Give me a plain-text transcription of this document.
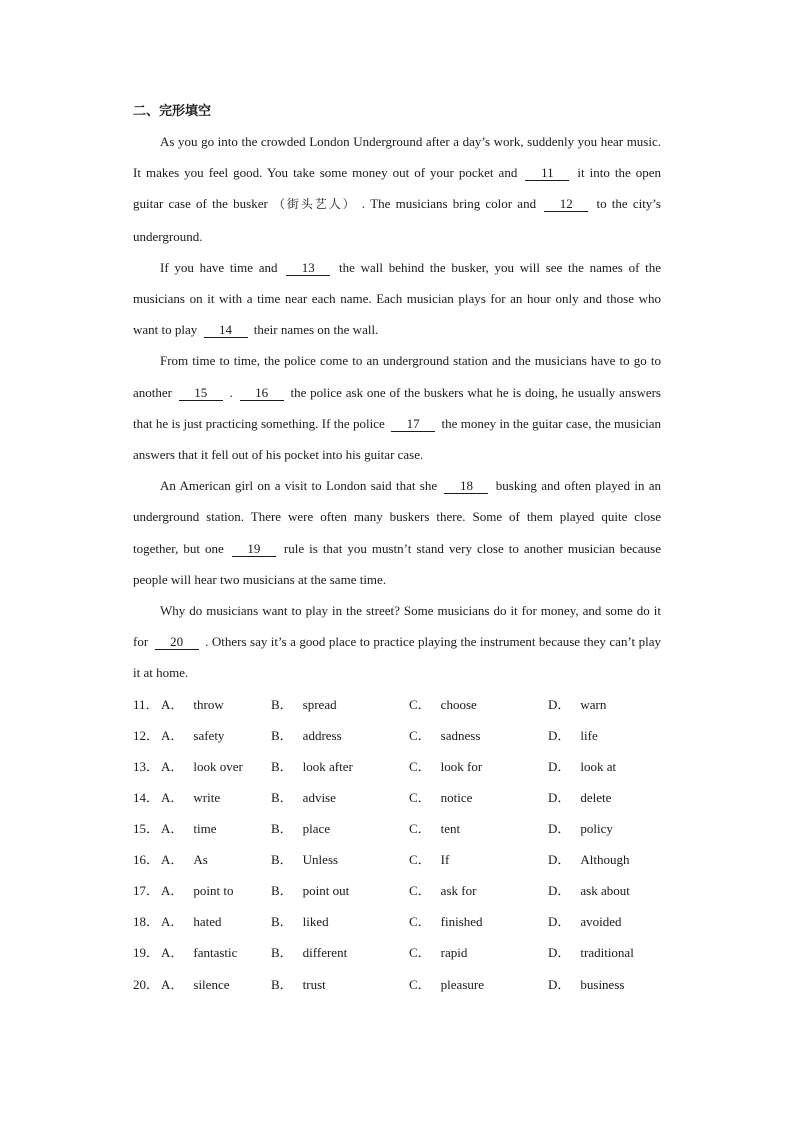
二、完形填空

As you go into the crowded London Underground after a day’s work, suddenly you hear music. It makes you feel good. You take some money out of your pocket and 11 it into the open guitar case of the busker （街头艺人） . The musicians bring color and 12 to the city’s underground.

If you have time and 13 the wall behind the busker, you will see the names of the musicians on it with a time near each name. Each musician plays for an hour only and those who want to play 14 their names on the wall.

From time to time, the police come to an underground station and the musicians have to go to another 15 . 16 the police ask one of the buskers what he is doing, he usually answers that he is just practicing something. If the police 17 the money in the guitar case, the musician answers that it fell out of his pocket into his guitar case.

An American girl on a visit to London said that she 18 busking and often played in an underground station. There were often many buskers there. Some of them played quite close together, but one 19 rule is that you mustn’t stand very close to another musician because people will hear two musicians at the same time.

Why do musicians want to play in the street? Some musicians do it for money, and some do it for 20 . Others say it’s a good place to practice playing the instrument because they can’t play it at home.

11． A． throw	B． spread	C． choose	D． warn
12． A． safety	B． address	C． sadness	D． life
13． A． look over B． look after	C． look for	D． look at
14． A． write	B． advise	C． notice	D． delete
15． A． time	B． place	C． tent	D． policy
16． A． As	B． Unless	C． If	D． Although
17． A． point to	B． point out	C． ask for	D． ask about
18． A． hated	B． liked	C． finished	D． avoided
19． A． fantastic	B． different	C． rapid	D． traditional
20． A． silence	B． trust	C． pleasure	D． business
